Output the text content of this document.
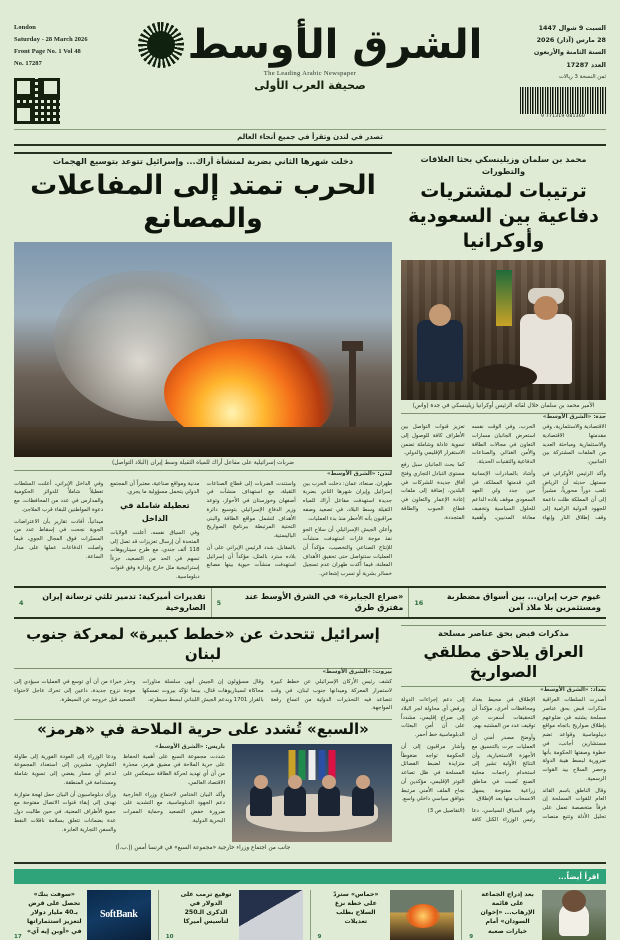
London
Saturday - 28 March 2026
Front Page No. 1 Vol 48
No. 17287	الشرق الأوسط
The Leading Arabic Newspaper
صحيفة العرب الأولى
السبت 9 شوال 1447
28 مارس (آذار) 2026
السنة الثامنة والأربعون
العدد 17287
ثمن النسخة 3 ريالات
9 771319 081360
تصدر في لندن وتقرأ في جميع أنحاء العالم
محمد بن سلمان وزيلينسكي بحثا العلاقات والتطورات
ترتيبات لمشتريات دفاعية بين السعودية وأوكرانيا
الأمير محمد بن سلمان خلال لقائه الرئيس أوكرانيا زيلينسكي في جدة (واس)
جدة: «الشرق الأوسط»

الاقتصادية والاستثمارية، وفي مقدمتها الاقتصادية والاستثمارية ومباحثة العديد من الملفات المشتركة بين الجانبين.

وأكد الرئيس الأوكراني في مستهل حديثه أن الرياض تلعب دوراً محورياً، مشيراً إلى أن المملكة ظلت داعمة للجهود الدولية الرامية إلى وقف إطلاق النار وإنهاء الحرب، وفي الوقت نفسه استعرض الجانبان مسارات التعاون في مجالات الطاقة والأمن الغذائي والصناعات الدفاعية والتقنيات الحديثة.

وأشاد بالمبادرات الإنسانية التي قدمتها المملكة، في حين جدد ولي العهد السعودي موقف بلاده الداعم للحلول السياسية وتخفيف معاناة المدنيين، وأهمية تعزيز قنوات التواصل بين الأطراف كافة للوصول إلى تسوية عادلة وشاملة تضمن الاستقرار الإقليمي والدولي.

كما بحث الجانبان سبل رفع مستوى التبادل التجاري وفتح آفاق جديدة للشركات في البلدين، إضافة إلى ملفات إعادة الإعمار والتعاون في قطاع الحبوب والطاقة المتجددة.

دخلت شهرها الثاني بضربة لمنشأة أراك... وإسرائيل تتوعد بتوسيع الهجمات
الحرب تمتد إلى المفاعلات والمصانع
ضربات إسرائيلية على مفاعل أراك للمياه الثقيلة وسط إيران (البلاد التواصل)
لندن: «الشرق الأوسط»

طهران، صنعاء، عمان: دخلت الحرب بين إسرائيل وإيران شهرها الثاني بضربة جديدة استهدفت مفاعل أراك للمياه الثقيلة وسط البلاد، في تصعيد وصفه مراقبون بأنه الأخطر منذ بدء العمليات.

وأعلن الجيش الإسرائيلي أن سلاح الجو نفذ موجة غارات استهدفت منشآت للإنتاج الصناعي والتخصيب، مؤكداً أن العمليات ستتواصل حتى تحقيق الأهداف المعلنة، فيما أكدت طهران عدم تسجيل خسائر بشرية أو تسرب إشعاعي.

واستندت الضربات إلى قطاع الصناعات الثقيلة، مع استهداف منشآت في أصفهان وخوزستان في الأحواز، وتوعد وزير الدفاع الإسرائيلي بتوسيع دائرة الأهداف لتشمل مواقع الطاقة والبنى التحتية المرتبطة ببرنامج الصواريخ الباليستية.

بالمقابل، شدد الرئيس الإيراني على أن بلاده سترد بالمثل، مؤكداً أن إسرائيل استهدفت منشآت حيوية بينها مصانع مدنية ومواقع صناعية، معتبراً أن المجتمع الدولي يتحمل مسؤولية ما يجري.

تعطيلة شاملة في الداخل

وفي السياق نفسه، أعلنت الولايات المتحدة أن إرسال تعزيزات قد تصل إلى 118 ألف جندي، مع طرح سيناريوهات تسهم في الحد من التصعيد، جزءاً إستراتيجية مثل خارج وإدارة وفق قنوات دبلوماسية.

وفي الداخل الإيراني، أعلنت السلطات تعطيلاً شاملاً للدوائر الحكومية والمدارس في عدد من المحافظات، مع دعوة المواطنين للبقاء قرب الملاجئ.

ميدانياً، أفادت تقارير بأن الاعتراضات الجوية نجحت في إسقاط عدد من المسيّرات فوق المجال الجوي، فيما واصلت الدفاعات عملها على مدار الساعة.

غيوم حرب إيران... بين أسواق مضطربة ومستثمرين بلا ملاذ آمن
16
«صراع الجبابرة» في الشرق الأوسط عند مفترق طرق
5
تقديرات أميركية: تدمير ثلثي ترسانة إيران الصاروخية
4
مذكرات قبض بحق عناصر مسلحة
العراق يلاحق مطلقي الصواريخ
بغداد: «الشرق الأوسط»

أصدرت السلطات العراقية مذكرات قبض بحق عناصر مسلحة يشتبه في ضلوعهم بإطلاق صواريخ باتجاه مواقع ديبلوماسية وقواعد تضم مستشارين أجانب، في خطوة وصفتها الحكومة بأنها ضرورية لبسط هيبة الدولة وحصر السلاح بيد القوات الرسمية.

وقال الناطق باسم القائد العام للقوات المسلحة إن فرقاً متخصصة تعمل على تحليل الأدلة وتتبع منصات الإطلاق في محيط بغداد ومحافظات أخرى، مؤكداً أن التحقيقات أسفرت عن توقيف عدد من المشتبه بهم.

وأوضح مصدر أمني أن العمليات جرت بالتنسيق مع الأجهزة الاستخبارية، وأن النتائج الأولية تشير إلى استخدام راجمات محلية الصنع نُصبت في مناطق زراعية مفتوحة يسهل الانسحاب منها بعد الإطلاق.

وفي السياق السياسي، دعا رئيس الوزراء الكتل كافة إلى دعم إجراءات الدولة ورفض أي محاولة لجر البلاد إلى صراع إقليمي، مشدداً على أن أمن البعثات الدبلوماسية خط أحمر.

وأشار مراقبون إلى أن الحكومة تواجه ضغوطاً متزايدة لضبط الفصائل المسلحة في ظل تصاعد التوتر الإقليمي، مؤكدين أن نجاح الملف الأمني مرتبط بتوافق سياسي داخلي واسع.

(التفاصيل ص 3)

إسرائيل تتحدث عن «خطط كبيرة» لمعركة جنوب لبنان
بيروت: «الشرق الأوسط»

كشف رئيس الأركان الإسرائيلي عن خطط كبيرة لاستمرار المعركة وميدانها جنوب لبنان، في وقت تتصاعد فيه التحذيرات الدولية من اتساع رقعة المواجهة.

وقال مسؤولون إن الجيش أنهى سلسلة مناورات محاكاة لسيناريوهات قتال، بينما تؤكد بيروت تمسكها بالقرار 1701 وبدعم الجيش اللبناني لبسط سيطرته.

وحذر خبراء من أن أي توسع في العمليات سيؤدي إلى موجة نزوح جديدة، داعين إلى تحرك عاجل لاحتواء التصعيد قبل خروجه عن السيطرة.

«السبع» تُشدد على حرية الملاحة في «هرمز»
باريس: «الشرق الأوسط»

شددت مجموعة السبع على أهمية الحفاظ على حرية الملاحة في مضيق هرمز، محذرة من أن أي تهديد لحركة الطاقة سينعكس على الاقتصاد العالمي.

وأكد البيان الختامي لاجتماع وزراء الخارجية دعم الجهود الدبلوماسية، مع التشديد على ضرورة خفض التصعيد وحماية الممرات البحرية الدولية.

ودعا الوزراء إلى العودة الفورية إلى طاولة التفاوض، مشيرين إلى استعداد المجموعة لدعم أي مسار يفضي إلى تسوية شاملة ومستدامة في المنطقة.

ورأى دبلوماسيون أن البيان حمل لهجة متوازنة تهدف إلى إبقاء قنوات الاتصال مفتوحة مع جميع الأطراف المعنية، في حين طالبت دول عدة بضمانات تتعلق بسلامة ناقلات النفط والسفن التجارية العابرة.

جانب من اجتماع وزراء خارجية «مجموعة السبع» في فرنسا أمس (إ.ب.أ)
اقرأ أيضاً...
بعد إدراج الجماعة على قائمة الإرهاب... «إخوان السودان» أمام خيارات صعبة
9
«حماس» ستردّ على خطة نزع السلاح بطلب تعديلات
9
توقيع ترمب على الدولار في الذكرى الـ250 لتأسيس أميركا
10
SoftBank
«سوفت بنك» تحصل على قرض بـ40 مليار دولار لتعزيز استثماراتها في «أوبن إيه آي»
17
